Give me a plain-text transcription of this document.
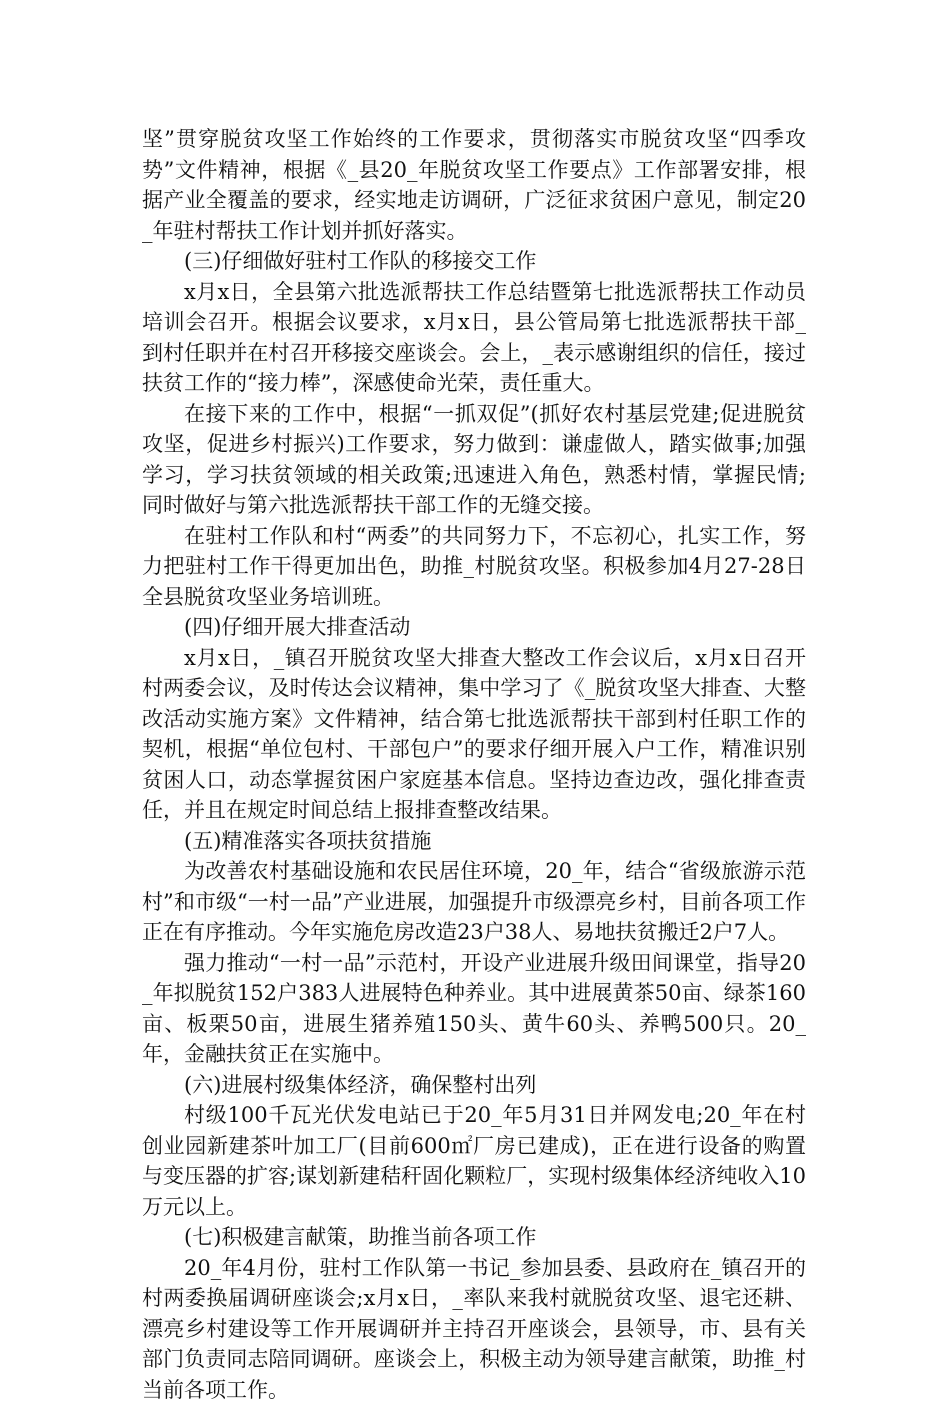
坚”贯穿脱贫攻坚工作始终的工作要求，贯彻落实市脱贫攻坚“四季攻势”文件精神，根据《_县20_年脱贫攻坚工作要点》工作部署安排，根据产业全覆盖的要求，经实地走访调研，广泛征求贫困户意见，制定20_年驻村帮扶工作计划并抓好落实。

(三)仔细做好驻村工作队的移接交工作

x月x日，全县第六批选派帮扶工作总结暨第七批选派帮扶工作动员培训会召开。根据会议要求，x月x日，县公管局第七批选派帮扶干部_到村任职并在村召开移接交座谈会。会上，_表示感谢组织的信任，接过扶贫工作的“接力棒”，深感使命光荣，责任重大。

在接下来的工作中，根据“一抓双促”(抓好农村基层党建;促进脱贫攻坚，促进乡村振兴)工作要求，努力做到：谦虚做人，踏实做事;加强学习，学习扶贫领域的相关政策;迅速进入角色，熟悉村情，掌握民情;同时做好与第六批选派帮扶干部工作的无缝交接。

在驻村工作队和村“两委”的共同努力下，不忘初心，扎实工作，努力把驻村工作干得更加出色，助推_村脱贫攻坚。积极参加4月27-28日全县脱贫攻坚业务培训班。

(四)仔细开展大排查活动

x月x日，_镇召开脱贫攻坚大排查大整改工作会议后，x月x日召开村两委会议，及时传达会议精神，集中学习了《_脱贫攻坚大排查、大整改活动实施方案》文件精神，结合第七批选派帮扶干部到村任职工作的契机，根据“单位包村、干部包户”的要求仔细开展入户工作，精准识别贫困人口，动态掌握贫困户家庭基本信息。坚持边查边改，强化排查责任，并且在规定时间总结上报排查整改结果。

(五)精准落实各项扶贫措施

为改善农村基础设施和农民居住环境，20_年，结合“省级旅游示范村”和市级“一村一品”产业进展，加强提升市级漂亮乡村，目前各项工作正在有序推动。今年实施危房改造23户38人、易地扶贫搬迁2户7人。

强力推动“一村一品”示范村，开设产业进展升级田间课堂，指导20_年拟脱贫152户383人进展特色种养业。其中进展黄茶50亩、绿茶160亩、板栗50亩，进展生猪养殖150头、黄牛60头、养鸭500只。20_年，金融扶贫正在实施中。

(六)进展村级集体经济，确保整村出列

村级100千瓦光伏发电站已于20_年5月31日并网发电;20_年在村创业园新建茶叶加工厂(目前600㎡厂房已建成)，正在进行设备的购置与变压器的扩容;谋划新建秸秆固化颗粒厂，实现村级集体经济纯收入10万元以上。

(七)积极建言献策，助推当前各项工作

20_年4月份，驻村工作队第一书记_参加县委、县政府在_镇召开的村两委换届调研座谈会;x月x日，_率队来我村就脱贫攻坚、退宅还耕、漂亮乡村建设等工作开展调研并主持召开座谈会，县领导，市、县有关部门负责同志陪同调研。座谈会上，积极主动为领导建言献策，助推_村当前各项工作。
